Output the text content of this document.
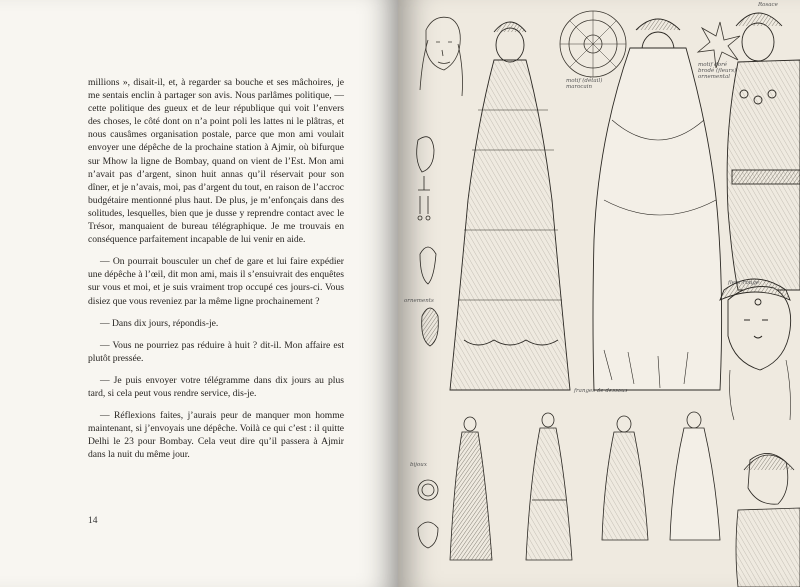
millions », disait-il, et, à regarder sa bouche et ses mâchoires, je me sentais enclin à partager son avis. Nous parlâmes politique, — cette politique des gueux et de leur république qui voit l’envers des choses, le côté dont on n’a point poli les lattes ni le plâtras, et nous causâmes organisation postale, parce que mon ami voulait envoyer une dépêche de la prochaine station à Ajmir, où bifurque sur Mhow la ligne de Bombay, quand on vient de l’Est. Mon ami n’avait pas d’argent, sinon huit annas qu’il réservait pour son dîner, et je n’avais, moi, pas d’argent du tout, en raison de l’accroc budgétaire mentionné plus haut. De plus, je m’enfonçais dans des solitudes, lesquelles, bien que je dusse y reprendre contact avec le Trésor, manquaient de bureau télégraphique. Je me trouvais en conséquence parfaitement incapable de lui venir en aide.

— On pourrait bousculer un chef de gare et lui faire expédier une dépêche à l’œil, dit mon ami, mais il s’ensuivrait des enquêtes sur vous et moi, et je suis vraiment trop occupé ces jours-ci. Vous disiez que vous reveniez par la même ligne prochainement ?

— Dans dix jours, répondis-je.

— Vous ne pourriez pas réduire à huit ? dit-il. Mon affaire est plutôt pressée.

— Je puis envoyer votre télégramme dans dix jours au plus tard, si cela peut vous rendre service, dis-je.

— Réflexions faites, j’aurais peur de manquer mon homme maintenant, si j’envoyais une dépêche. Voilà ce qui c’est : il quitte Delhi le 23 pour Bombay. Cela veut dire qu’il passera à Ajmir dans la nuit du même jour.

14
motif (détail) marocain
Rosace
motif doré brodé (fleurs) ornemental
ornements
fleur rouge
franges de dessous
bijoux
